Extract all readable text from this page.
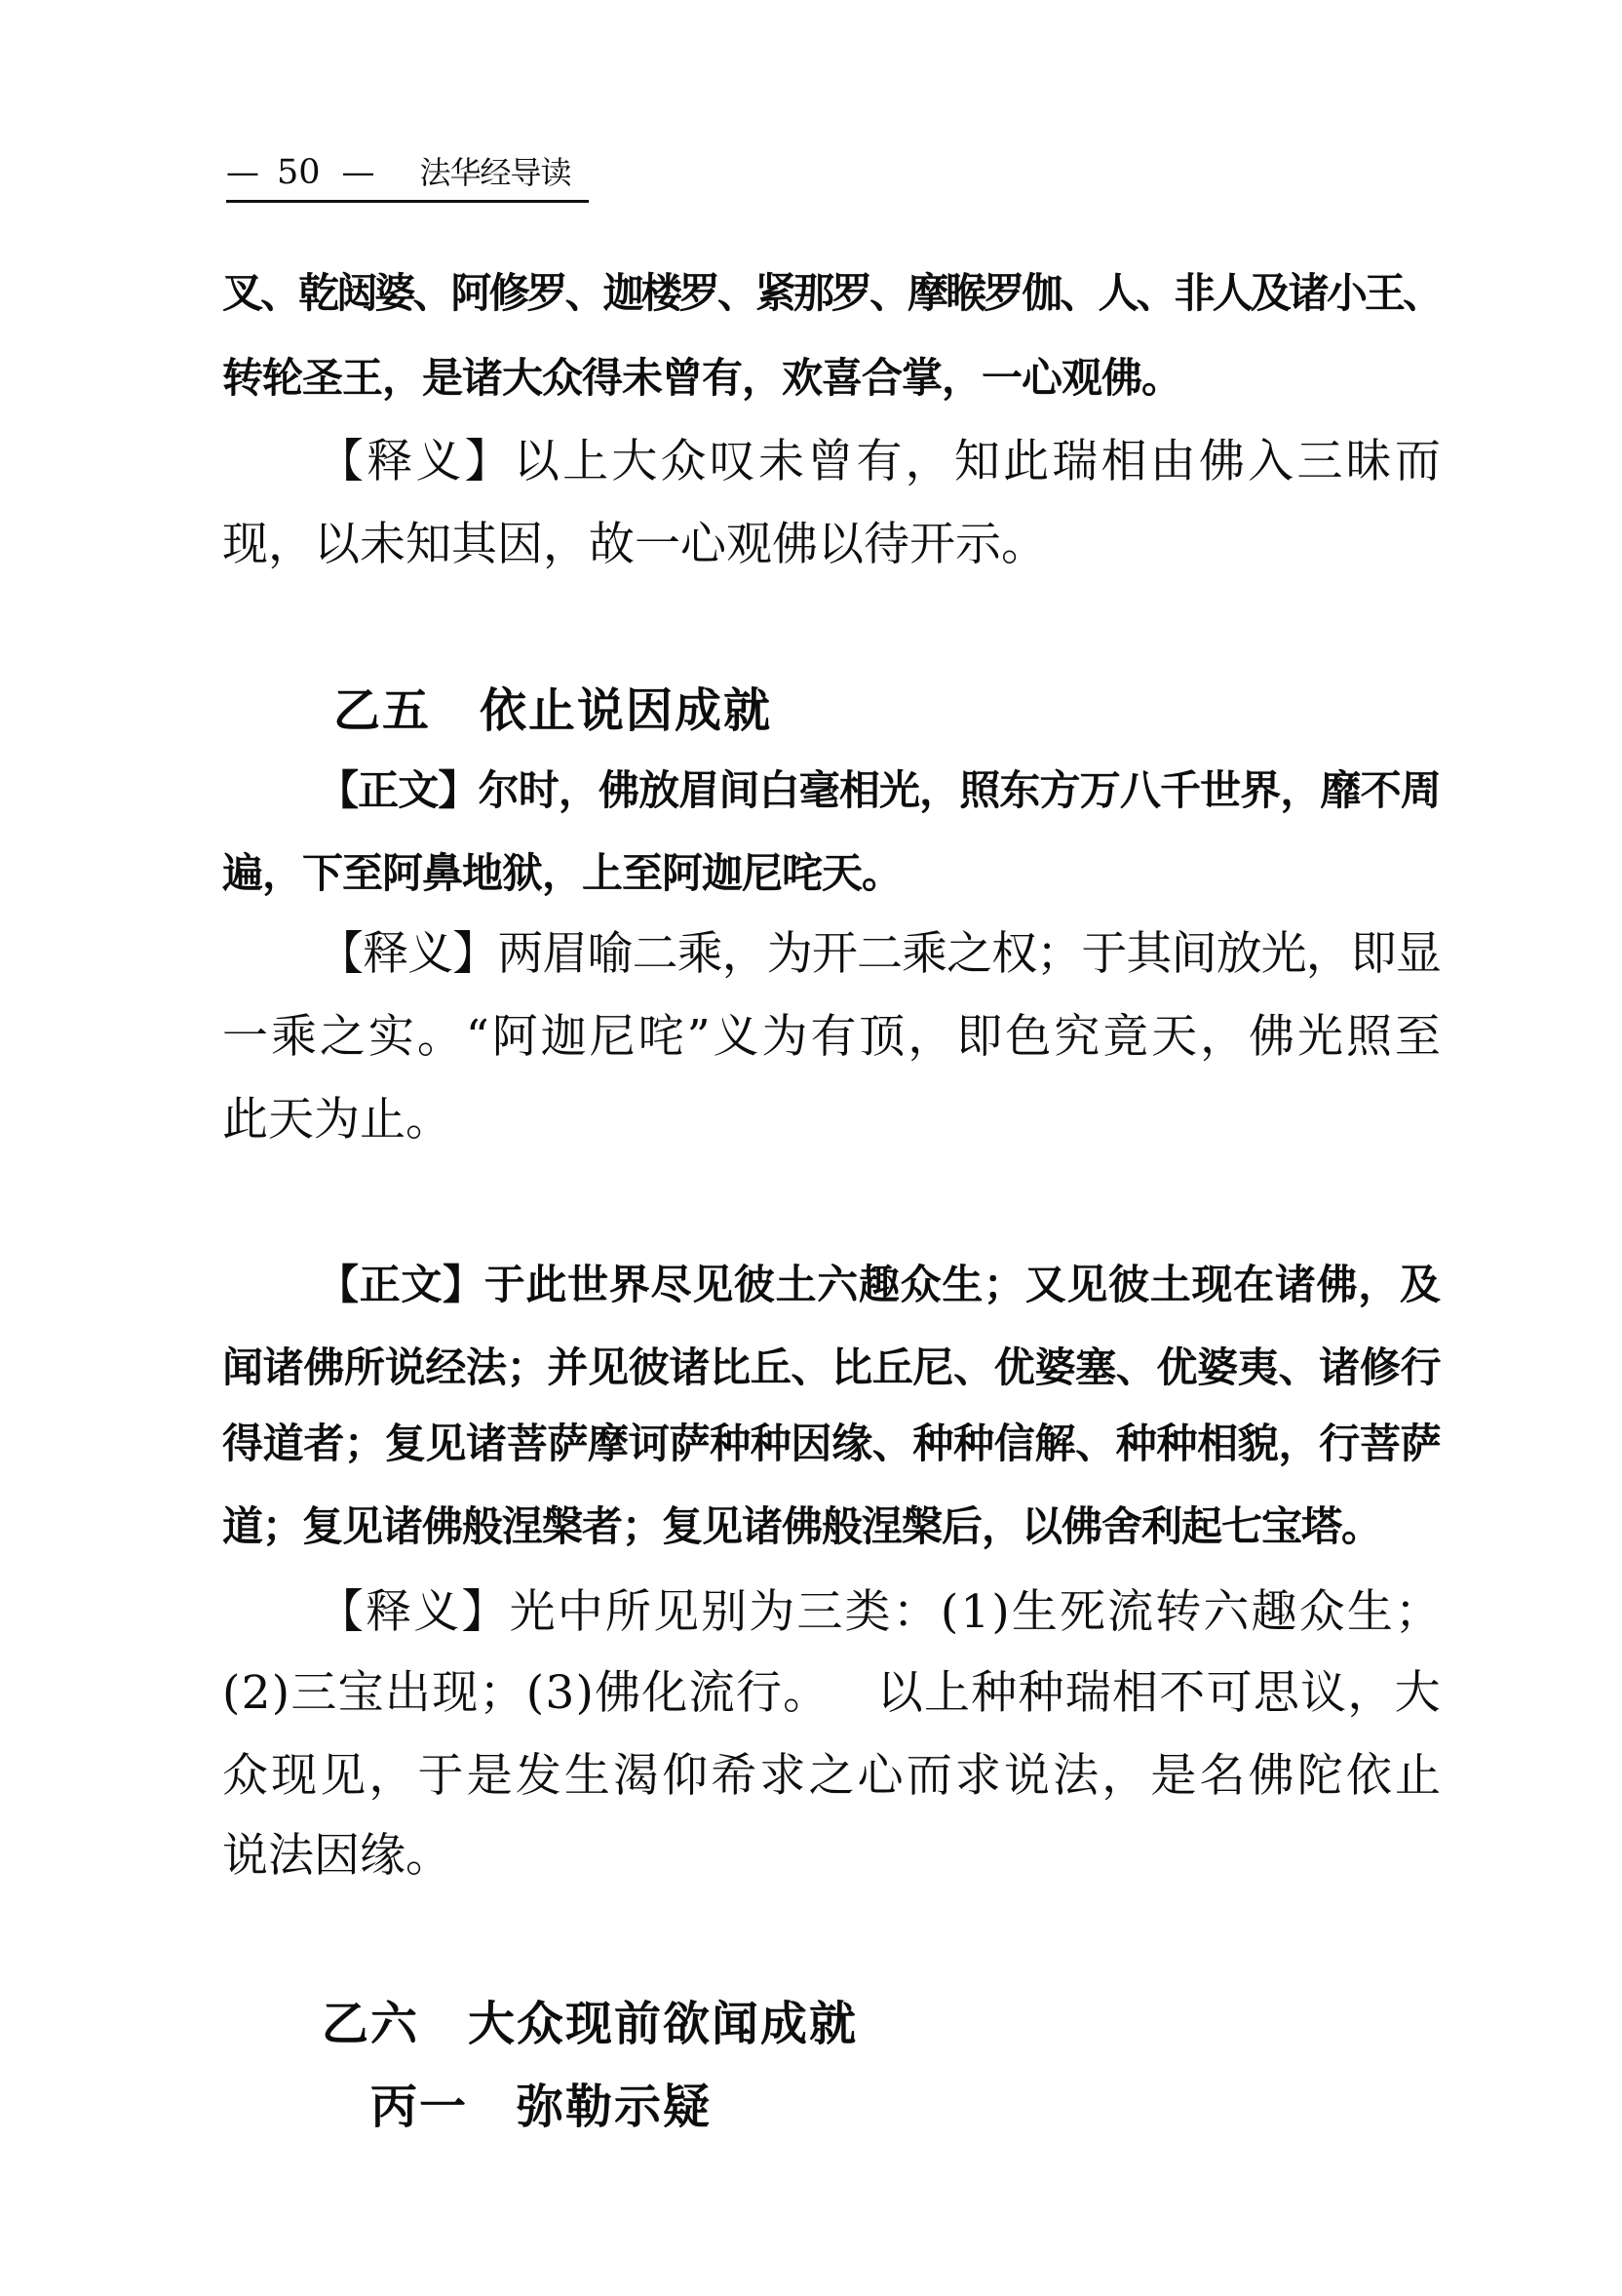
— 50 — 法华经导读
叉
、
乾
闼
婆
、
阿
修
罗
、
迦
楼
罗
、
紧
那
罗
、
摩
睺
罗
伽
、
人
、
非
人
及
诸
小
王
、
转轮圣王，是诸大众得未曾有，欢喜合掌，一心观佛。
【 释 义 】 以 上 大 众 叹 未 曾 有 ， 知 此 瑞 相 由 佛 入 三 昧 而
现，以未知其因，故一心观佛以待开示。
乙五　依止说因成就
【 正 文 】 尔 时 ， 佛 放 眉 间 白 毫 相 光 ， 照 东 方 万 八 千 世 界 ， 靡 不 周
遍，下至阿鼻地狱，上至阿迦尼咤天。
【 释 义 】 两 眉 喻 二 乘 ， 为 开 二 乘 之 权 ； 于 其 间 放 光 ， 即 显
一 乘 之 实 。 “ 阿 迦 尼 咤 ” 义 为 有 顶 ， 即 色 究 竟 天 ， 佛 光 照 至
此天为止。
【 正 文 】 于 此 世 界 尽 见 彼 土 六 趣 众 生 ； 又 见 彼 土 现 在 诸 佛 ， 及
闻 诸 佛 所 说 经 法 ； 并 见 彼 诸 比 丘 、 比 丘 尼 、 优 婆 塞 、 优 婆 夷 、 诸 修 行
得 道 者 ； 复 见 诸 菩 萨 摩 诃 萨 种 种 因 缘 、 种 种 信 解 、 种 种 相 貌 ， 行 菩 萨
道；复见诸佛般涅槃者；复见诸佛般涅槃后，以佛舍利起七宝塔。
【 释 义 】 光 中 所 见 别 为 三 类 ： ( 1 ) 生 死 流 转 六 趣 众 生 ；
( 2 ) 三 宝 出 现 ； ( 3 ) 佛 化 流 行 。
　 以 上 种 种 瑞 相 不 可 思 议 ， 大
众 现 见 ， 于 是 发 生 渴 仰 希 求 之 心 而 求 说 法 ， 是 名 佛 陀 依 止
说法因缘。
乙六　大众现前欲闻成就
丙一　弥勒示疑
